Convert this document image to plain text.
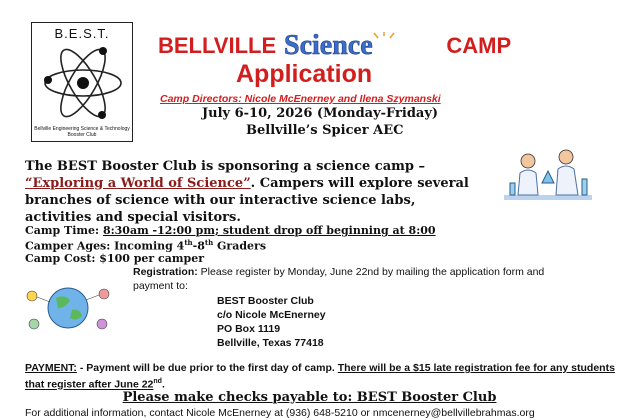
B.E.S.T.
Bellville Engineering Science & Technology Booster Club
BELLVILLE Science	CAMP
Application
Camp Directors: Nicole McEnerney and Ilena Szymanski
July 6-10, 2026 (Monday-Friday)
Bellville’s Spicer AEC
The BEST Booster Club is sponsoring a science camp – “Exploring a World of Science”. Campers will explore several branches of science with our interactive science labs, activities and special visitors.
Camp Time: 8:30am -12:00 pm; student drop off beginning at 8:00
Camper Ages: Incoming 4th-8th Graders
Camp Cost: $100 per camper
Registration: Please register by Monday, June 22nd by mailing the application form and payment to:
BEST Booster Club
c/o Nicole McEnerney
PO Box 1119
Bellville, Texas 77418
PAYMENT: - Payment will be due prior to the first day of camp. There will be a $15 late registration fee for any students that register after June 22nd.
Please make checks payable to: BEST Booster Club
For additional information, contact Nicole McEnerney at (936) 648-5210 or nmcenerney@bellvillebrahmas.org
